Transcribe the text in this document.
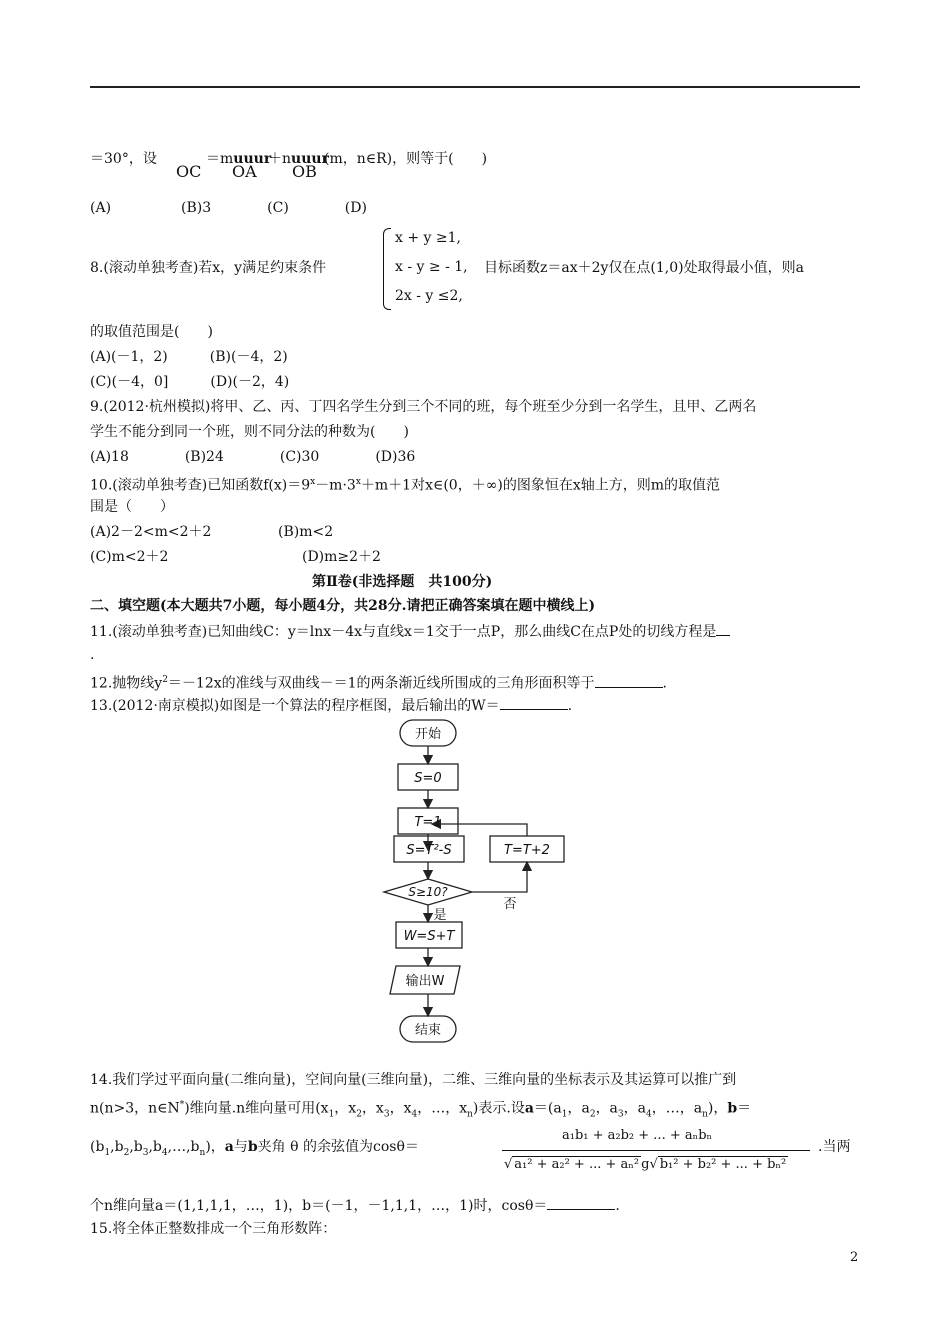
＝30°，设
OC
＝muuur
OA
＋nuuur
OB
(m，n∈R)，则等于(　　)
(A)　　　　　(B)3　　　　(C)　　　　(D)
8.(滚动单独考查)若x，y满足约束条件
x + y ≥1,
x - y ≥ - 1,
2x - y ≤2,
目标函数z＝ax＋2y仅在点(1,0)处取得最小值，则a
的取值范围是(　　)
(A)(－1，2)　　　(B)(－4，2)
(C)(－4，0]　　　(D)(－2，4)
9.(2012·杭州模拟)将甲、乙、丙、丁四名学生分到三个不同的班，每个班至少分到一名学生，且甲、乙两名
学生不能分到同一个班，则不同分法的种数为(　　)
(A)18　　　　(B)24　　　　(C)30　　　　(D)36
10.(滚动单独考查)已知函数$f(x)=9^x-m\cdot 3^x+m+1$对x∈(0，＋∞)的图象恒在x轴上方，则m的取值范
围是（　　）
(A)2－2<m<2＋2	(B)m<2
(C)m<2＋2	(D)m≥2＋2
第Ⅱ卷(非选择题　共100分)
二、填空题(本大题共7小题，每小题4分，共28分.请把正确答案填在题中横线上)
11.(滚动单独考查)已知曲线C：y＝lnx－4x与直线x＝1交于一点P，那么曲线C在点P处的切线方程是
.
12.抛物线$y^2=-12x$的准线与双曲线－＝1的两条渐近线所围成的三角形面积等于	.
13.(2012·南京模拟)如图是一个算法的程序框图，最后输出的W＝	.
开始
S=0
T=1
S=T²-S	T=T+2
S≥10?
是
否
W=S+T
输出W
结束
14.我们学过平面向量(二维向量)，空间向量(三维向量)，二维、三维向量的坐标表示及其运算可以推广到
n(n>3，n∈N*)维向量.n维向量可用($x_1$，$x_2$，$x_3$，$x_4$，…，$x_n$)表示.设$a=(a_1$，$a_2$，$a_3$，$a_4$，…，$a_n$)，b＝
$(b_1,b_2,b_3,b_4,\dots,b_n)$，a与b夹角 θ 的余弦值为cosθ＝
a₁b₁ + a₂b₂ + ... + aₙbₙ
√ a₁² + a₂² + ... + aₙ² g√ b₁² + b₂² + ... + bₙ²
.当两
个n维向量a＝(1,1,1,1，…，1)，b＝(－1，－1,1,1，…，1)时，cosθ＝	.
15.将全体正整数排成一个三角形数阵：
2
